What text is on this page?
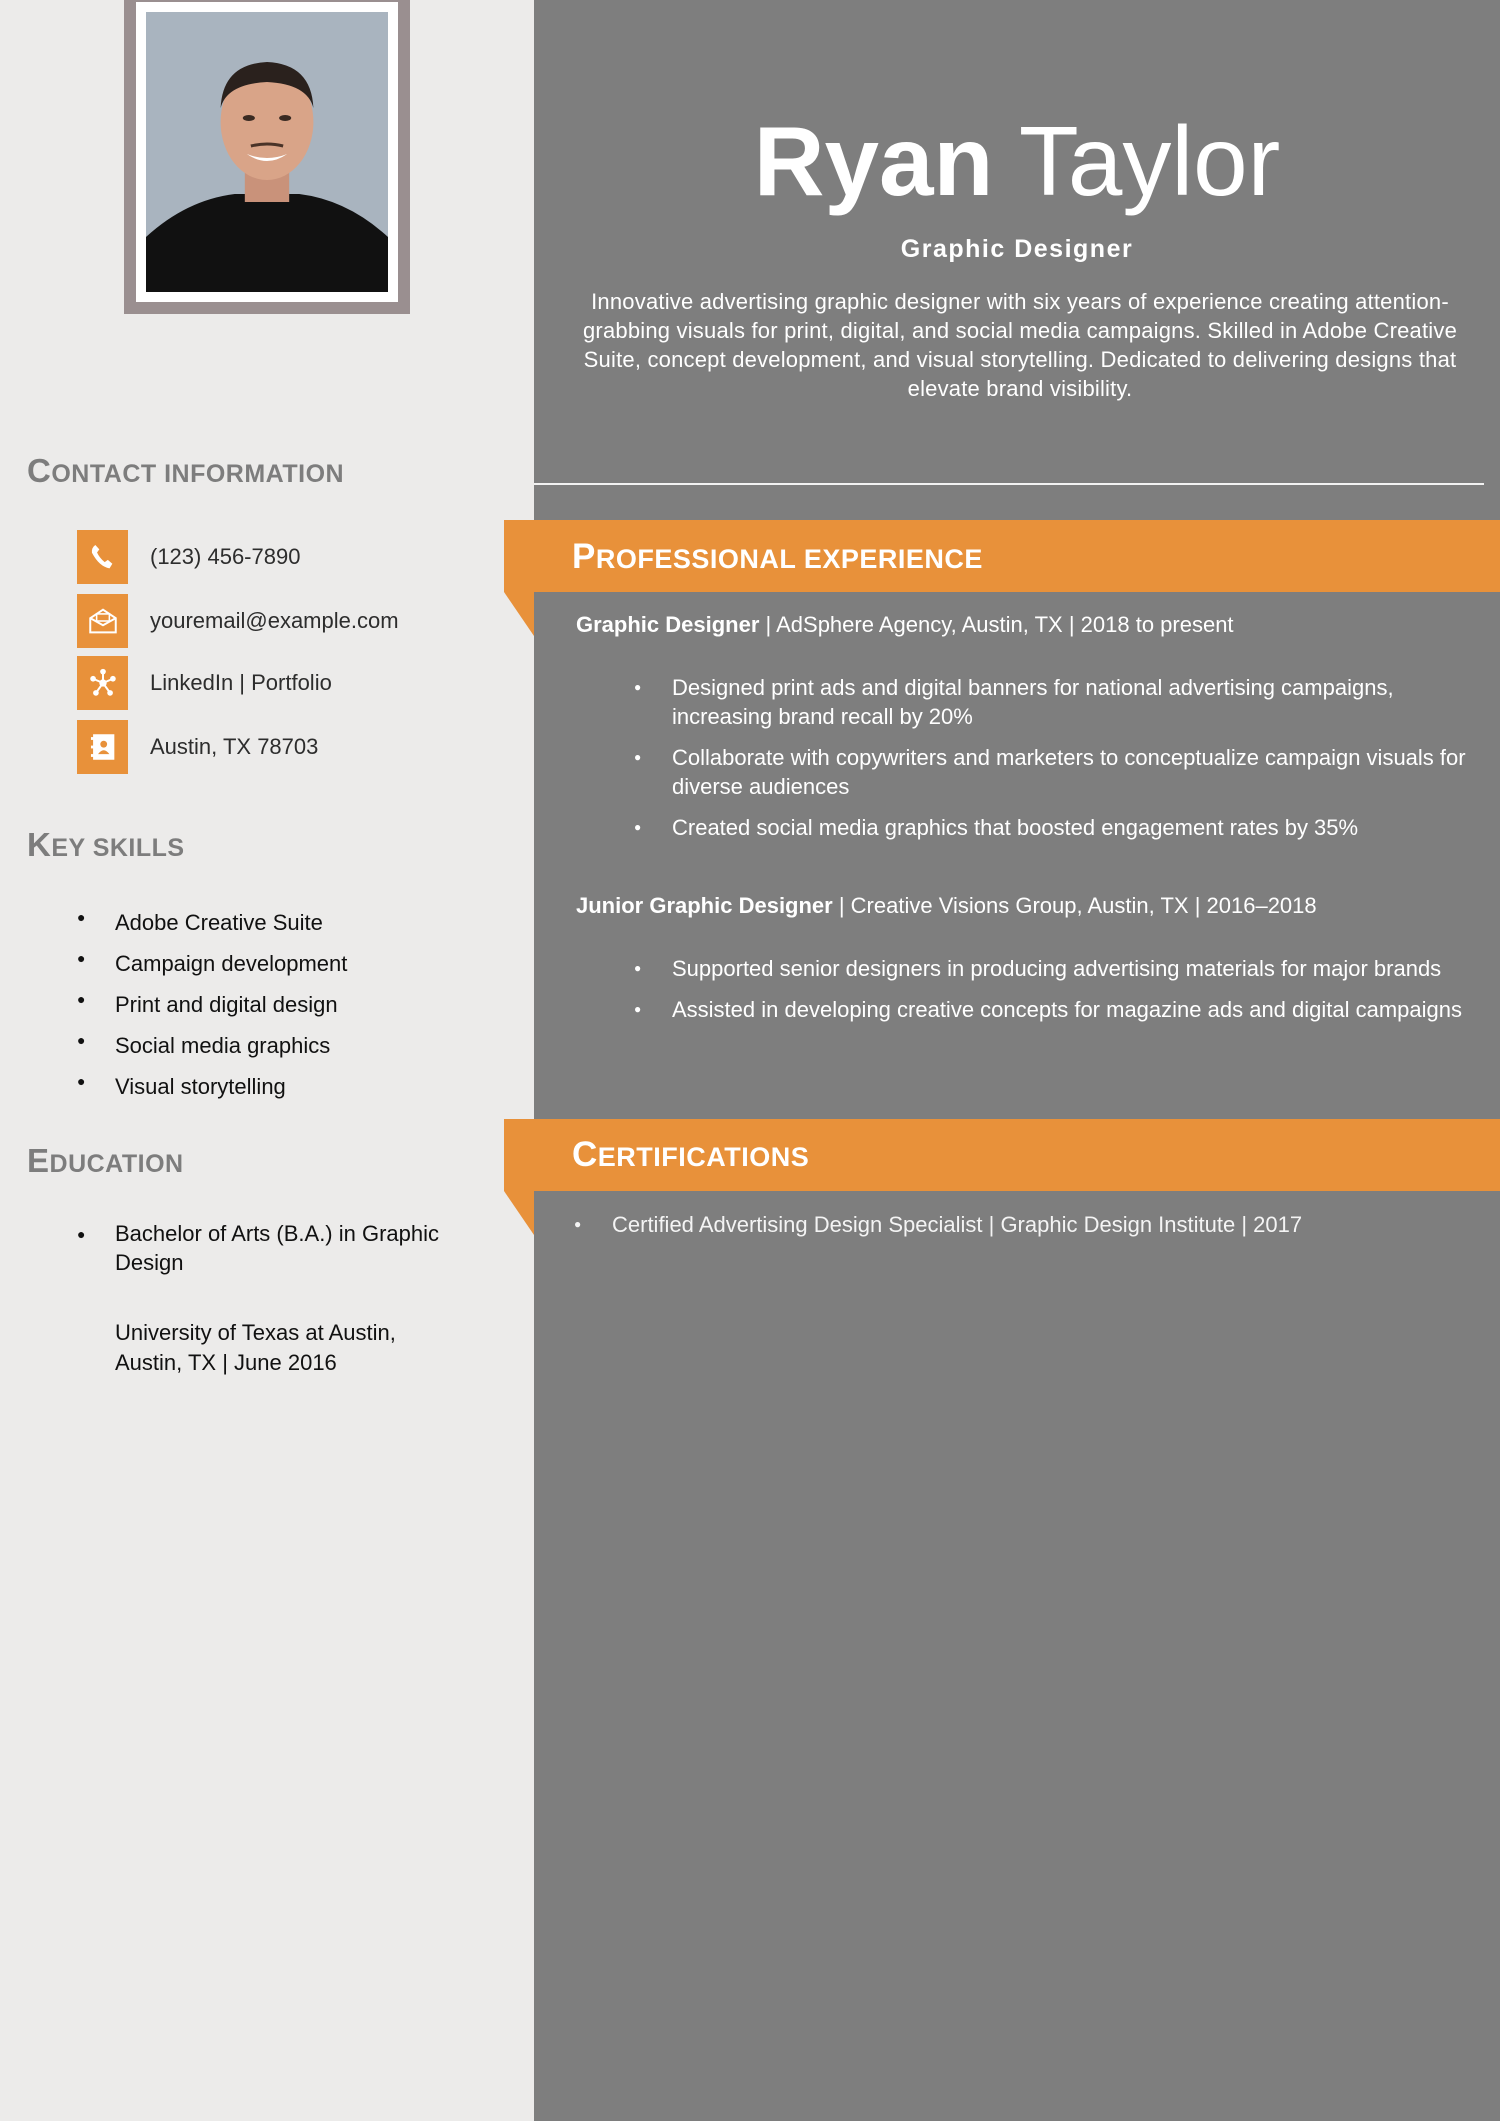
CONTACT INFORMATION
(123) 456-7890
youremail@example.com
LinkedIn | Portfolio
Austin, TX 78703
KEY SKILLS
● Adobe Creative Suite
● Campaign development
● Print and digital design
● Social media graphics
● Visual storytelling
EDUCATION
● Bachelor of Arts (B.A.) in Graphic Design
University of Texas at Austin, Austin, TX | June 2016
Ryan Taylor
Graphic Designer
Innovative advertising graphic designer with six years of experience creating attention-grabbing visuals for print, digital, and social media campaigns. Skilled in Adobe Creative Suite, concept development, and visual storytelling. Dedicated to delivering designs that elevate brand visibility.
PROFESSIONAL EXPERIENCE
Graphic Designer | AdSphere Agency, Austin, TX | 2018 to present
● Designed print ads and digital banners for national advertising campaigns, increasing brand recall by 20%
● Collaborate with copywriters and marketers to conceptualize campaign visuals for diverse audiences
● Created social media graphics that boosted engagement rates by 35%
Junior Graphic Designer | Creative Visions Group, Austin, TX | 2016–2018
● Supported senior designers in producing advertising materials for major brands
● Assisted in developing creative concepts for magazine ads and digital campaigns
CERTIFICATIONS
● Certified Advertising Design Specialist | Graphic Design Institute | 2017
